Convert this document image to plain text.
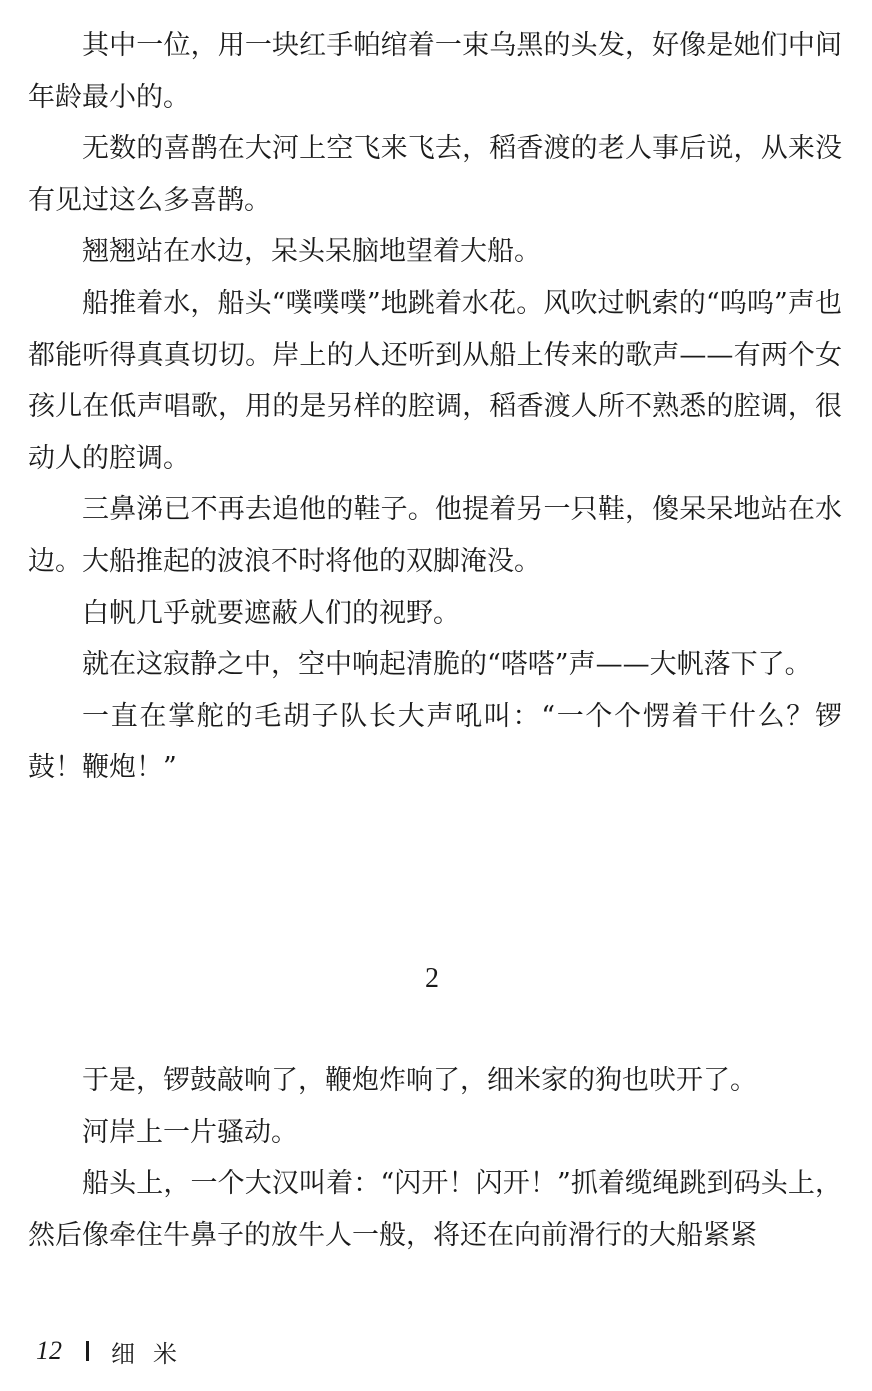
其中一位，用一块红手帕绾着一束乌黑的头发，好像是她们中间年龄最小的。

无数的喜鹊在大河上空飞来飞去，稻香渡的老人事后说，从来没有见过这么多喜鹊。

翘翘站在水边，呆头呆脑地望着大船。

船推着水，船头“噗噗噗”地跳着水花。风吹过帆索的“呜呜”声也都能听得真真切切。岸上的人还听到从船上传来的歌声——有两个女孩儿在低声唱歌，用的是另样的腔调，稻香渡人所不熟悉的腔调，很动人的腔调。

三鼻涕已不再去追他的鞋子。他提着另一只鞋，傻呆呆地站在水边。大船推起的波浪不时将他的双脚淹没。

白帆几乎就要遮蔽人们的视野。

就在这寂静之中，空中响起清脆的“嗒嗒”声——大帆落下了。

一直在掌舵的毛胡子队长大声吼叫：“一个个愣着干什么？锣鼓！鞭炮！”

2

于是，锣鼓敲响了，鞭炮炸响了，细米家的狗也吠开了。

河岸上一片骚动。

船头上，一个大汉叫着：“闪开！闪开！”抓着缆绳跳到码头上，然后像牵住牛鼻子的放牛人一般，将还在向前滑行的大船紧紧

12 细米
